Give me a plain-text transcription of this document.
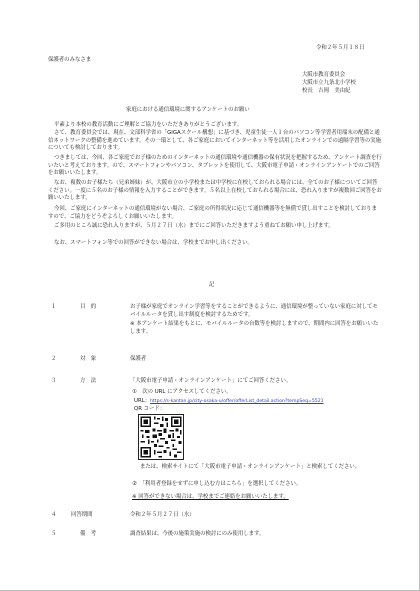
令和２年５月１８日
保護者のみなさま
大阪市教育委員会
大阪市立九条北小学校
校長　吉岡　美由紀
家庭における通信環境に関するアンケートのお願い
平素より本校の教育活動にご理解とご協力をいただきありがとうございます。
さて、教育委員会では、現在、文部科学省の「GIGAスクール構想」に基づき、児童生徒一人１台のパソコン等学習者用端末の配備と通信ネットワークの整備を進めています。その一環として、各ご家庭においてインターネット等を活用したオンラインでの遠隔学習等の実施についても検討しております。
つきましては、今回、各ご家庭でお子様のためのインターネットの通信環境や通信機器の保有状況を把握するため、アンケート調査を行いたいと考えております。ので、スマートフォンやパソコン、タブレットを使用して、大阪市電子申請・オンラインアンケートでのご回答をお願いいたします。
なお、複数のお子様たち（兄弟姉妹）が、大阪市立の小学校または中学校に在校しておられる場合には、全てのお子様についてご回答ください。一度に５名のお子様の情報を入力することができます。５名以上在校しておられる場合には、恐れ入りますが複数回ご回答をお願いいたします。
今回、ご家庭にインターネットの通信環境がない場合、ご家庭の所得状況に応じて通信機器等を無償で貸し出すことを検討しておりますので、ご協力をどうぞよろしくお願いいたします。
ご多用のところ誠に恐れ入りますが、５月２７日（水）までにご回答いただきますよう重ねてお願い申し上げます。
なお、スマートフォン等での回答ができない場合は、学校までお申し出ください。
記
１	目　的	お子様が家庭でオンライン学習等をすることができるように、通信環境が整っていない家庭に対してモバイルルータを貸し出す制度を検討するためです。
※ 本アンケート結果をもとに、モバイルルータの台数等を検討しますので、期間内に回答をお願いいたします。
２	対　象	保護者
３	方　法	「大阪市電子申請・オンラインアンケート」にてご回答ください。
①　次の URL にアクセスしてください。
URL：https://s-kantan.jp/city-osaka-u/offer/offerList_detail.action?tempSeq=5521
QR コード：
または、検索サイトにて「大阪市電子申請・オンラインアンケート」と検索してください。
②　「利用者登録をせずに申し込む方はこちら」を選択してください。
※ 回答ができない場合は、学校までご連絡をお願いいたします。
４	回答期間	令和２年５月２７日（水）
５	備　考	調査結果は、今後の施策実施の検討にのみ使用します。
